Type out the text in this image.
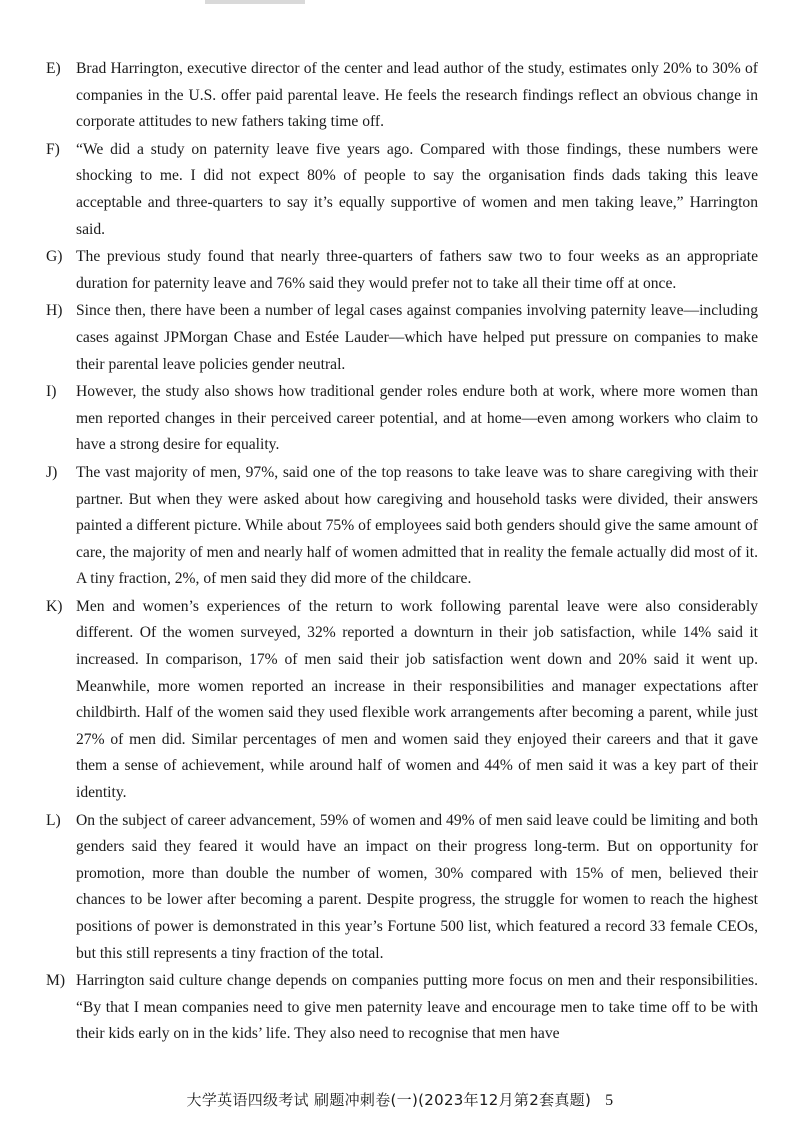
E) Brad Harrington, executive director of the center and lead author of the study, estimates only 20% to 30% of companies in the U.S. offer paid parental leave. He feels the research findings reflect an obvious change in corporate attitudes to new fathers taking time off.
F)	“We did a study on paternity leave five years ago. Compared with those findings, these numbers were shocking to me. I did not expect 80% of people to say the organisation finds dads taking this leave acceptable and three-quarters to say it’s equally supportive of women and men taking leave,” Harrington said.
G) The previous study found that nearly three-quarters of fathers saw two to four weeks as an appropriate duration for paternity leave and 76% said they would prefer not to take all their time off at once.
H) Since then, there have been a number of legal cases against companies involving paternity leave—including cases against JPMorgan Chase and Estée Lauder—which have helped put pressure on companies to make their parental leave policies gender neutral.
I)	However, the study also shows how traditional gender roles endure both at work, where more women than men reported changes in their perceived career potential, and at home—even among workers who claim to have a strong desire for equality.
J)	The vast majority of men, 97%, said one of the top reasons to take leave was to share caregiving with their partner. But when they were asked about how caregiving and household tasks were divided, their answers painted a different picture. While about 75% of employees said both genders should give the same amount of care, the majority of men and nearly half of women admitted that in reality the female actually did most of it. A tiny fraction, 2%, of men said they did more of the childcare.
K) Men and women’s experiences of the return to work following parental leave were also considerably different. Of the women surveyed, 32% reported a downturn in their job satisfaction, while 14% said it increased. In comparison, 17% of men said their job satisfaction went down and 20% said it went up. Meanwhile, more women reported an increase in their responsibilities and manager expectations after childbirth. Half of the women said they used flexible work arrangements after becoming a parent, while just 27% of men did. Similar percentages of men and women said they enjoyed their careers and that it gave them a sense of achievement, while around half of women and 44% of men said it was a key part of their identity.
L) On the subject of career advancement, 59% of women and 49% of men said leave could be limiting and both genders said they feared it would have an impact on their progress long-term. But on opportunity for promotion, more than double the number of women, 30% compared with 15% of men, believed their chances to be lower after becoming a parent. Despite progress, the struggle for women to reach the highest positions of power is demonstrated in this year’s Fortune 500 list, which featured a record 33 female CEOs, but this still represents a tiny fraction of the total.
M) Harrington said culture change depends on companies putting more focus on men and their responsibilities. “By that I mean companies need to give men paternity leave and encourage men to take time off to be with their kids early on in the kids’ life. They also need to recognise that men have
大学英语四级考试 刷题冲刺卷(一)(2023年12月第2套真题) 5
